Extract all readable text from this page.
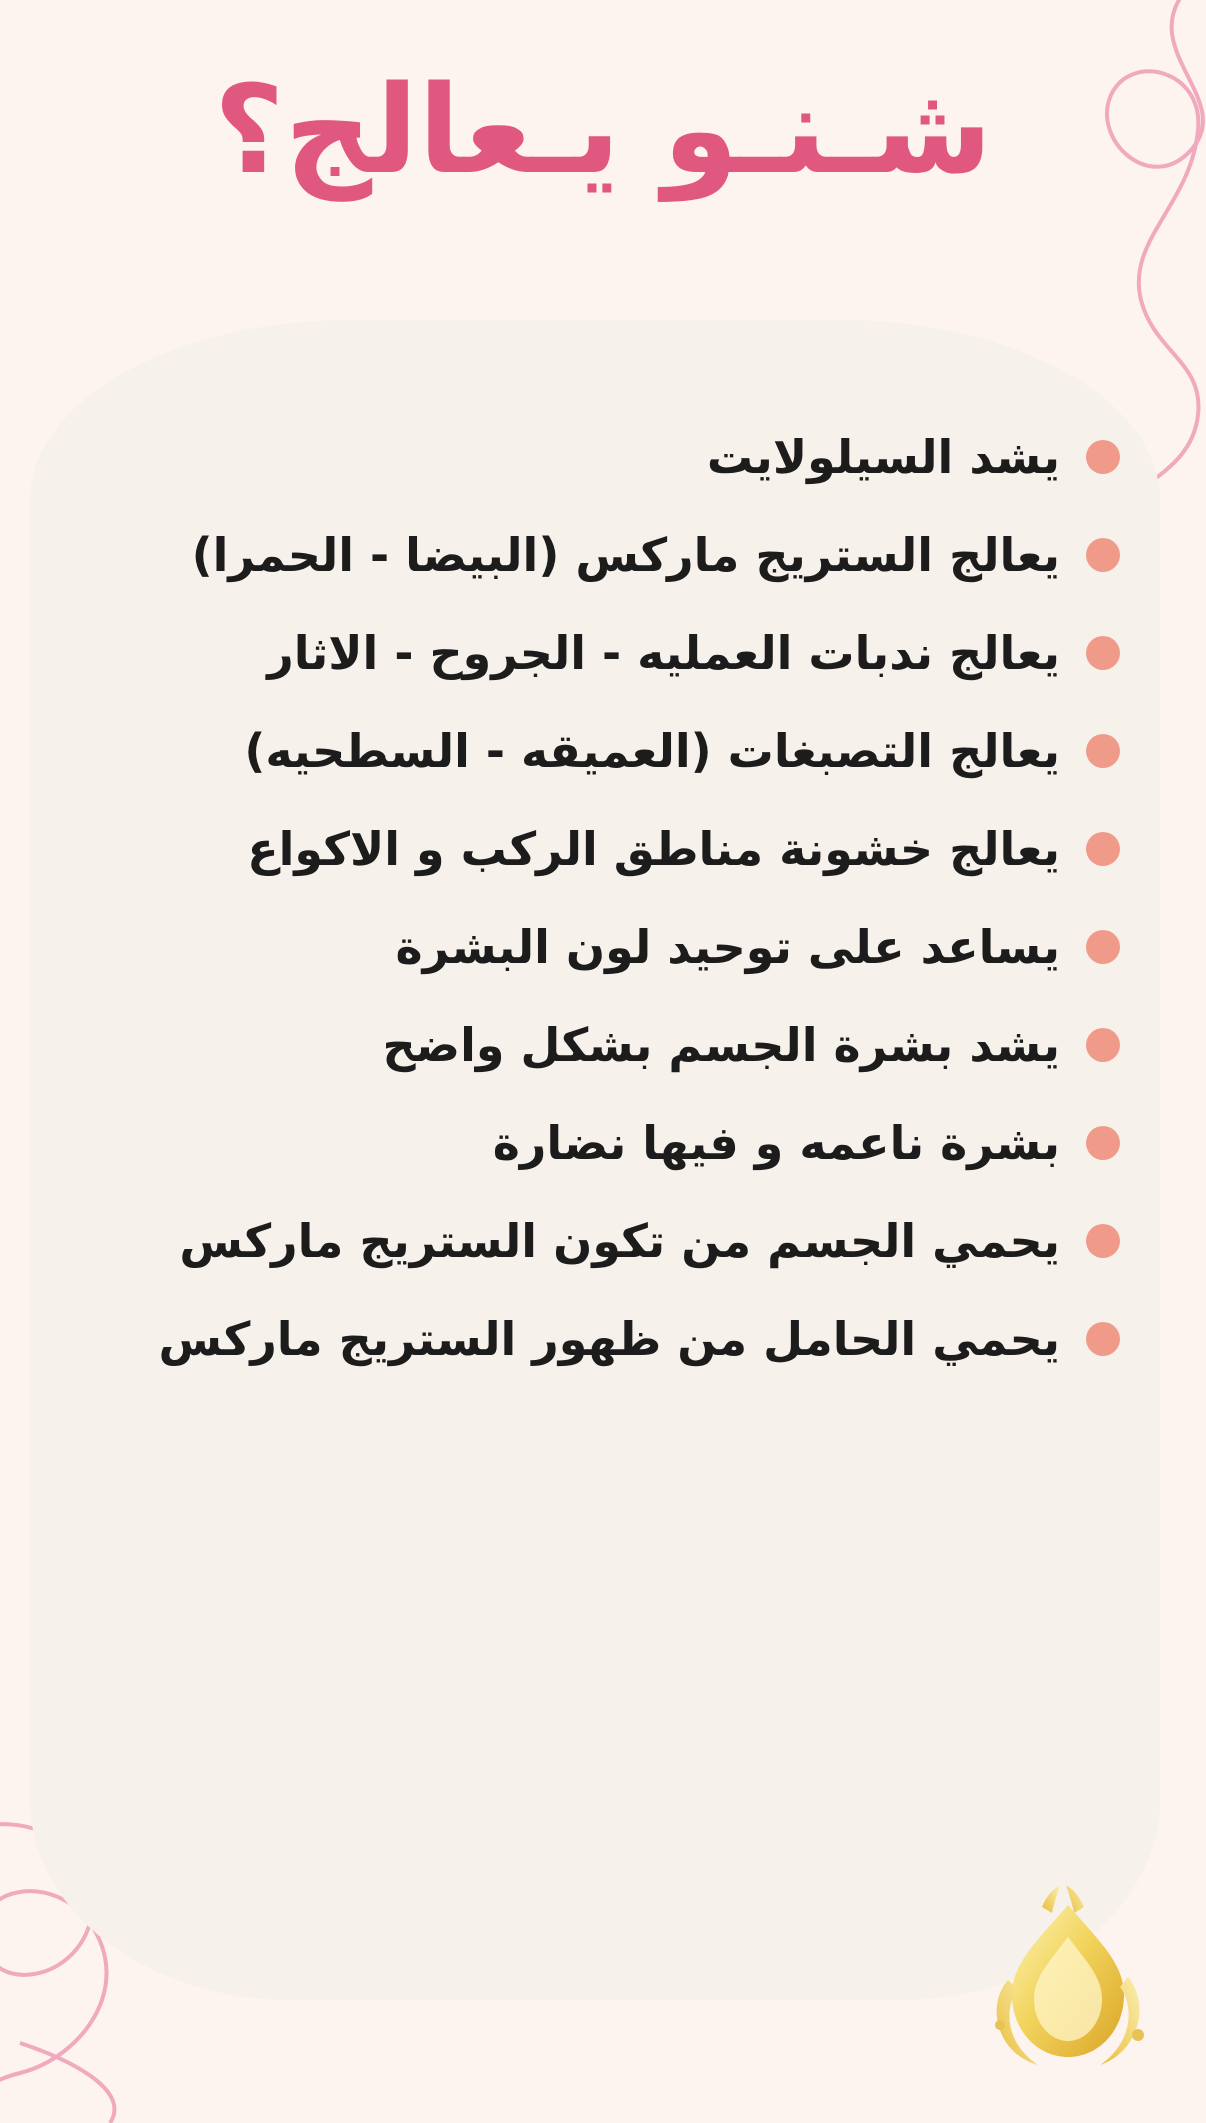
شـنـو يـعالج؟
يشد السيلولايت
يعالج الستريج ماركس (البيضا - الحمرا)
يعالج ندبات العمليه - الجروح - الاثار
يعالج التصبغات (العميقه - السطحيه)
يعالج خشونة مناطق الركب و الاكواع
يساعد على توحيد لون البشرة
يشد بشرة الجسم بشكل واضح
بشرة ناعمه و فيها نضارة
يحمي الجسم من تكون الستريج ماركس
يحمي الحامل من ظهور الستريج ماركس
